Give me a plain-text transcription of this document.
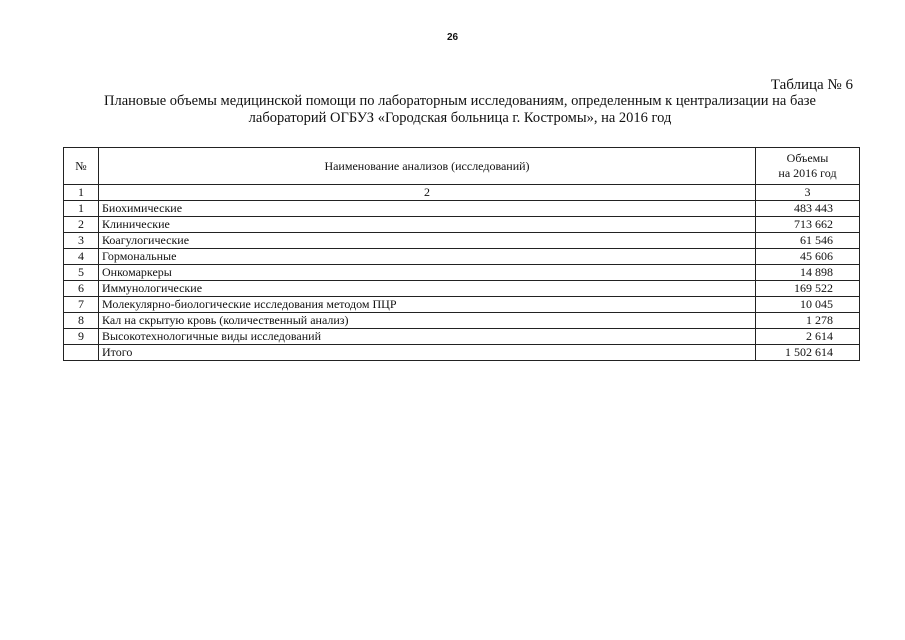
26
Таблица № 6
Плановые объемы медицинской помощи по лабораторным исследованиям, определенным к централизации на базе
лабораторий ОГБУЗ «Городская больница г. Костромы», на 2016 год
№	Наименование анализов (исследований)	Объемы
на 2016 год

1	2	3
1	Биохимические	483 443
2	Клинические	713 662
3	Коагулогические	61 546
4	Гормональные	45 606
5	Онкомаркеры	14 898
6	Иммунологические	169 522
7	Молекулярно-биологические исследования методом ПЦР	10 045
8	Кал на скрытую кровь (количественный анализ)	1 278
9	Высокотехнологичные виды исследований	2 614
	Итого	1 502 614
